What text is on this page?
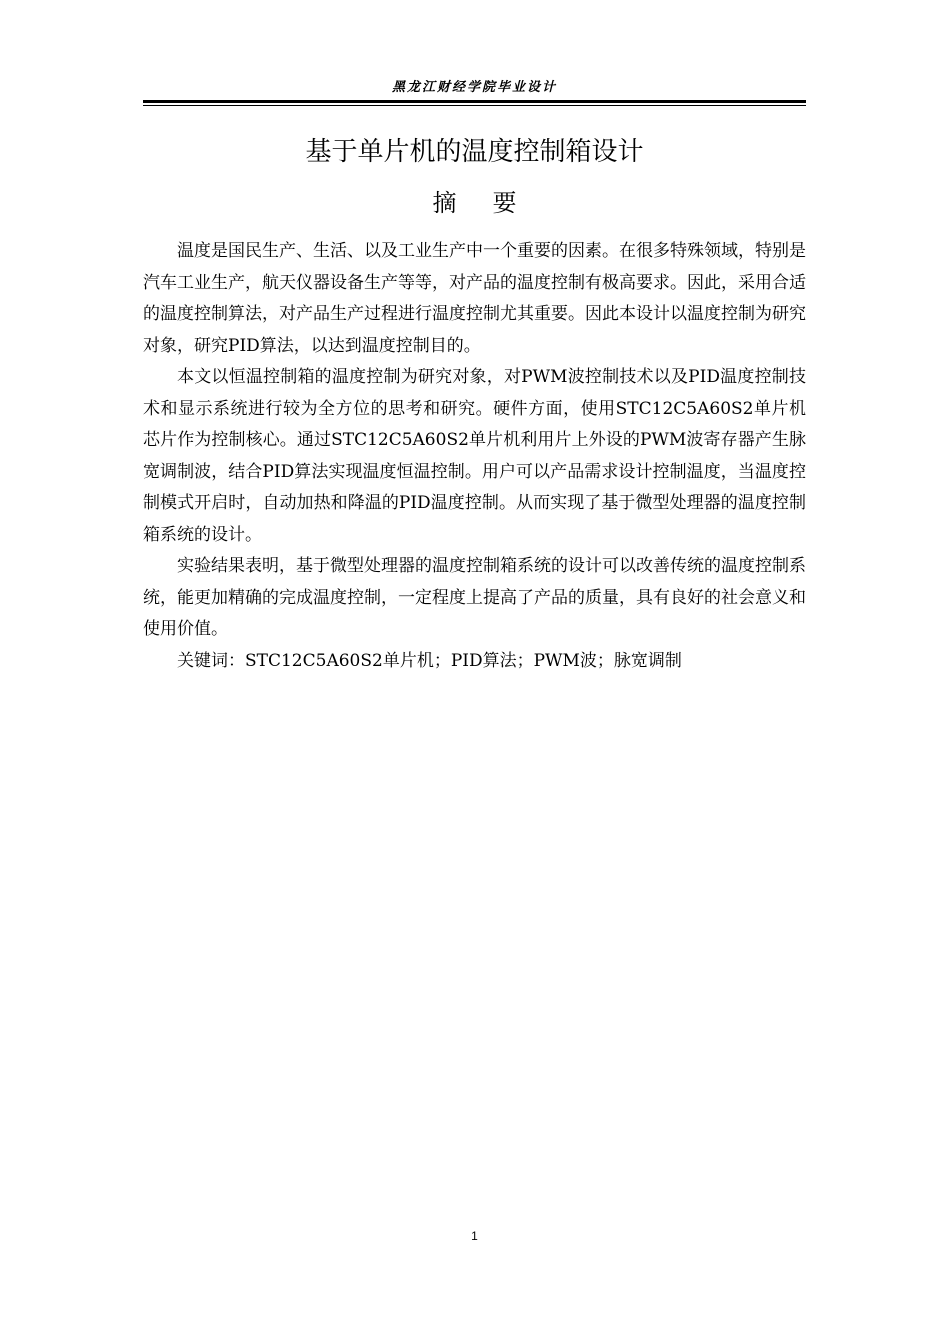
黑龙江财经学院毕业设计
基于单片机的温度控制箱设计
摘要

温度是国民生产、生活、以及工业生产中一个重要的因素。在很多特殊领域，特别是汽车工业生产，航天仪器设备生产等等，对产品的温度控制有极高要求。因此，采用合适的温度控制算法，对产品生产过程进行温度控制尤其重要。因此本设计以温度控制为研究对象，研究PID算法，以达到温度控制目的。

本文以恒温控制箱的温度控制为研究对象，对PWM波控制技术以及PID温度控制技术和显示系统进行较为全方位的思考和研究。硬件方面，使用STC12C5A60S2单片机芯片作为控制核心。通过STC12C5A60S2单片机利用片上外设的PWM波寄存器产生脉宽调制波，结合PID算法实现温度恒温控制。用户可以产品需求设计控制温度，当温度控制模式开启时，自动加热和降温的PID温度控制。从而实现了基于微型处理器的温度控制箱系统的设计。

实验结果表明，基于微型处理器的温度控制箱系统的设计可以改善传统的温度控制系统，能更加精确的完成温度控制，一定程度上提高了产品的质量，具有良好的社会意义和使用价值。

关键词：STC12C5A60S2单片机；PID算法；PWM波；脉宽调制

1
